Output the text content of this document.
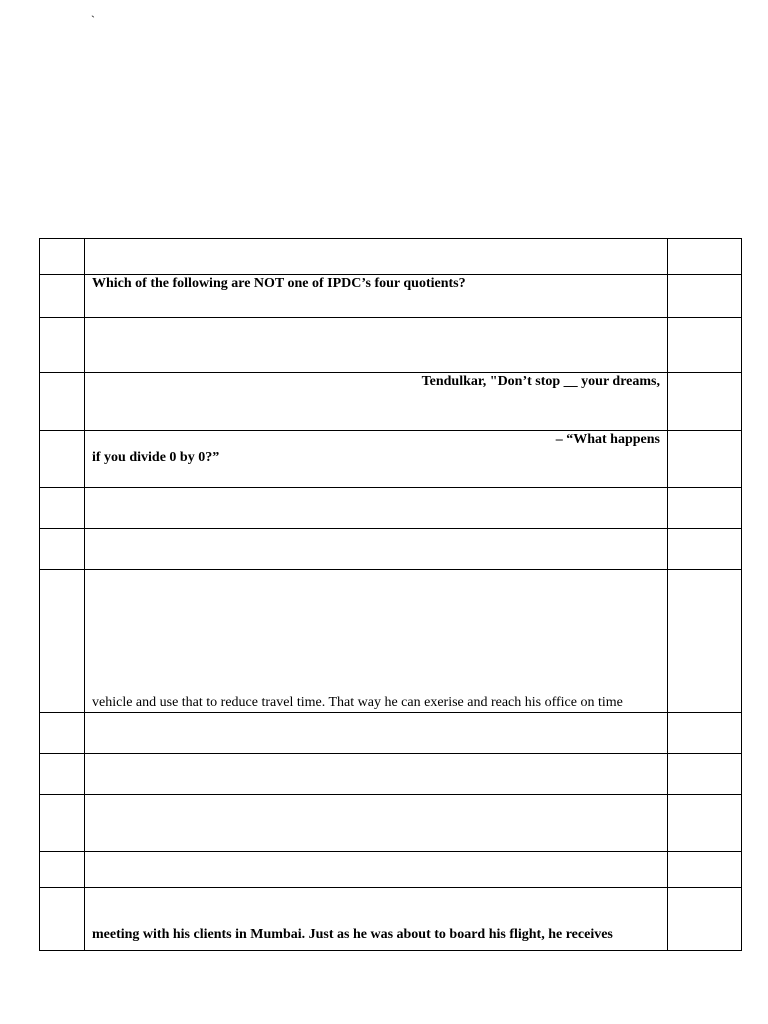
`

	Which of the following are NOT one of IPDC’s four quotients?	

	Tendulkar, "Don’t stop __ your dreams,	

	– “What happens
if you divide 0 by 0?”	

	vehicle and use that to reduce travel time. That way he can exerise and reach his office on time	

	meeting with his clients in Mumbai. Just as he was about to board his flight, he receives	
